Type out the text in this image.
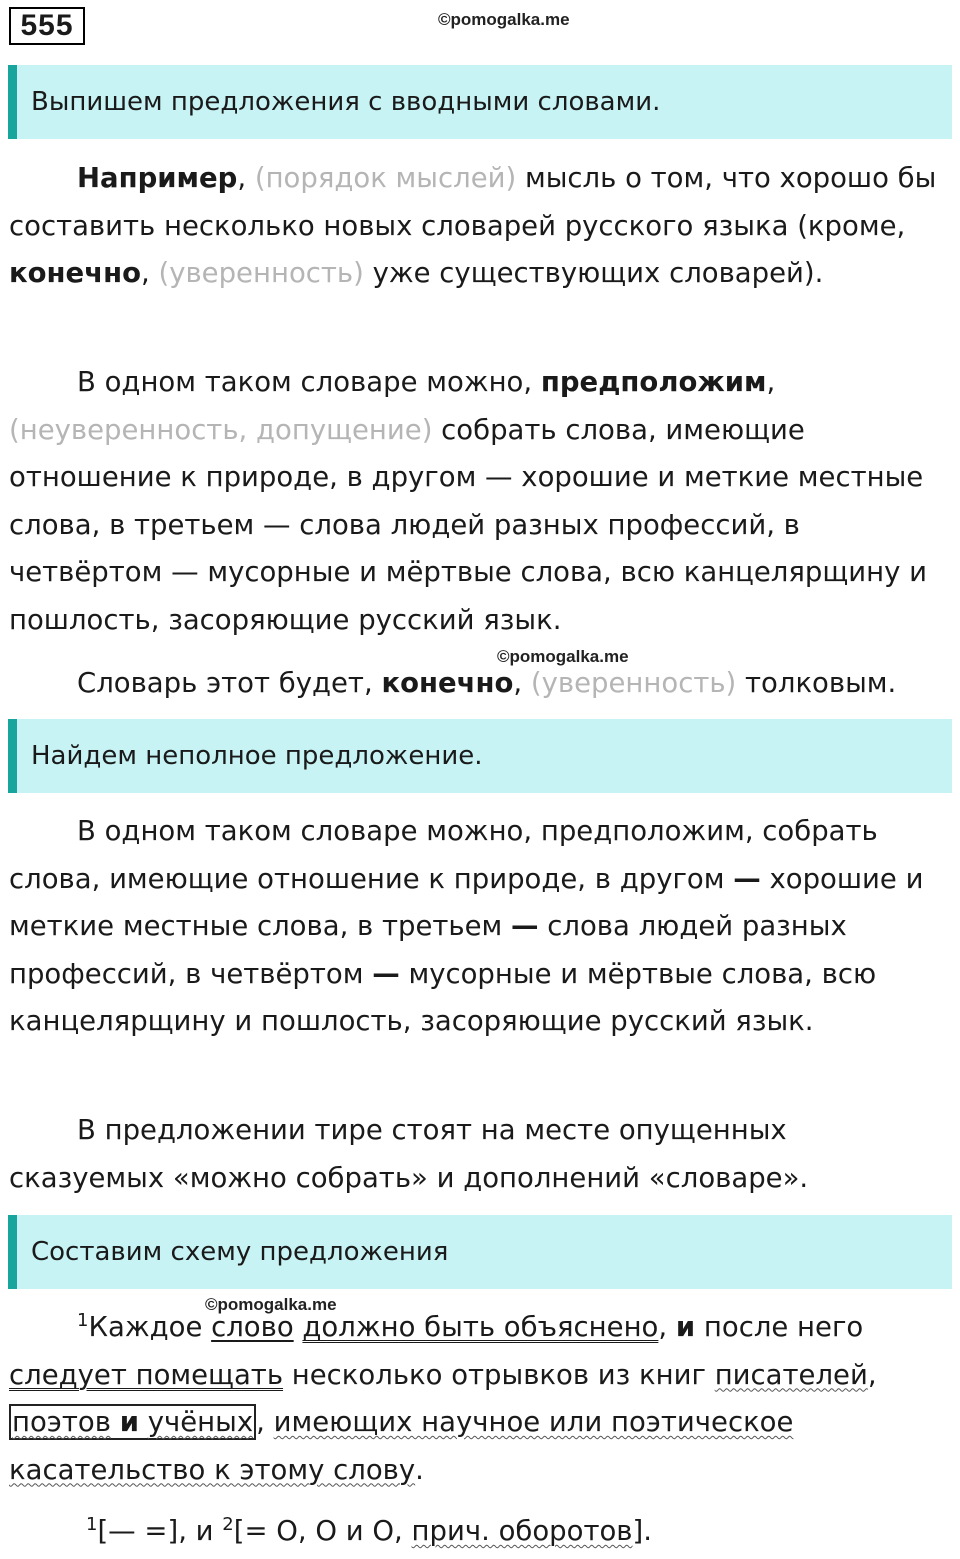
555	©pomogalka.me
Выпишем предложения с вводными словами.

Например, (порядок мыслей) мысль о том, что хорошо бы составить несколько новых словарей русского языка (кроме, конечно, (уверенность) уже существующих словарей).

В одном таком словаре можно, предположим, (неуверенность, допущение) собрать слова, имеющие отношение к природе, в другом — хорошие и меткие местные слова, в третьем — слова людей разных профессий, в четвёртом — мусорные и мёртвые слова, всю канцелярщину и пошлость, засоряющие русский язык.

©pomogalka.me

Словарь этот будет, конечно, (уверенность) толковым.

Найдем неполное предложение.

В одном таком словаре можно, предположим, собрать слова, имеющие отношение к природе, в другом — хорошие и меткие местные слова, в третьем — слова людей разных профессий, в четвёртом — мусорные и мёртвые слова, всю канцелярщину и пошлость, засоряющие русский язык.

В предложении тире стоят на месте опущенных сказуемых «можно собрать» и дополнений «словаре».

Составим схему предложения
©pomogalka.me

$^1$Каждое слово должно быть объяснено, и после него следует помещать несколько отрывков из книг писателей, поэтов и учёных , имеющих научное или поэтическое касательство к этому слову.

$^1$[— =], и $^2$[= О, О и О, прич. оборотов].
